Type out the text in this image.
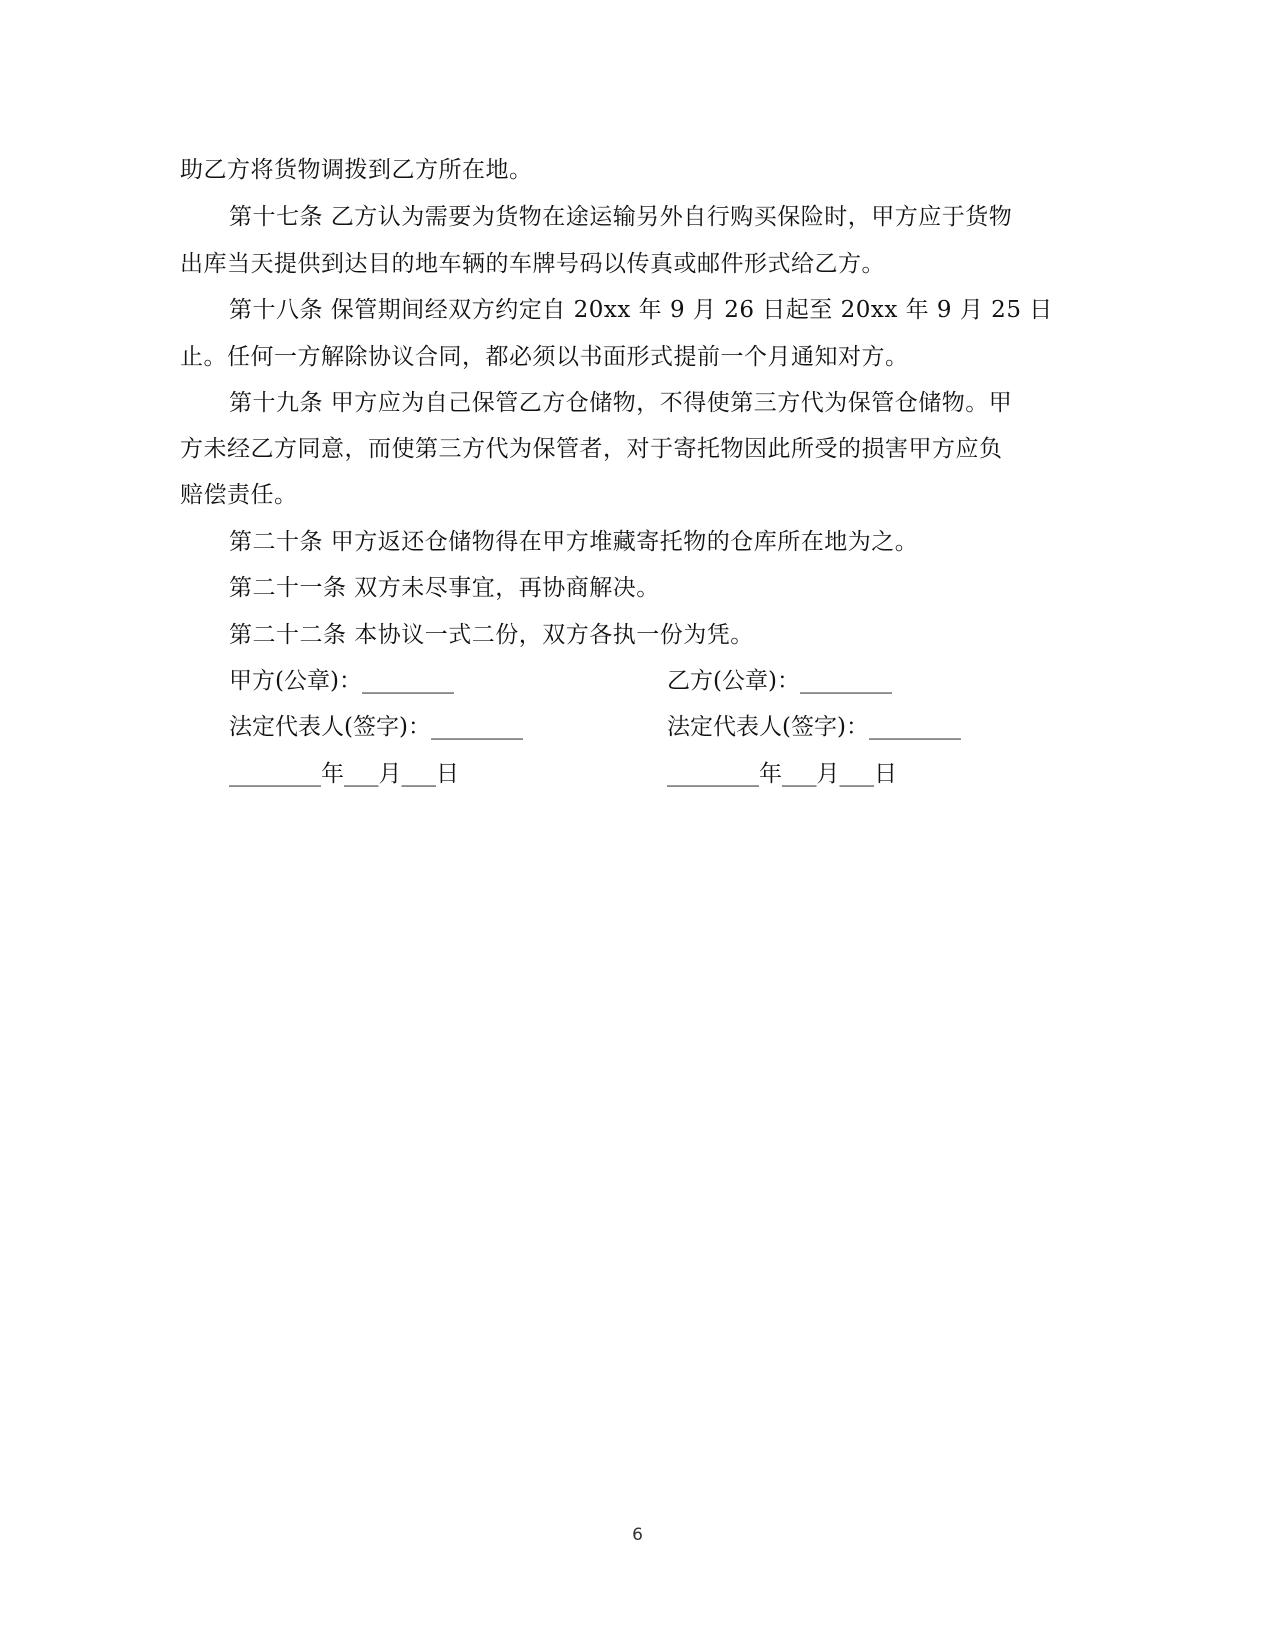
助乙方将货物调拨到乙方所在地。
第十七条 乙方认为需要为货物在途运输另外自行购买保险时，甲方应于货物
出库当天提供到达目的地车辆的车牌号码以传真或邮件形式给乙方。
第十八条 保管期间经双方约定自 20xx 年 9 月 26 日起至 20xx 年 9 月 25 日
止。任何一方解除协议合同，都必须以书面形式提前一个月通知对方。
第十九条 甲方应为自己保管乙方仓储物，不得使第三方代为保管仓储物。甲
方未经乙方同意，而使第三方代为保管者，对于寄托物因此所受的损害甲方应负
赔偿责任。
第二十条 甲方返还仓储物得在甲方堆藏寄托物的仓库所在地为之。
第二十一条 双方未尽事宜，再协商解决。
第二十二条 本协议一式二份，双方各执一份为凭。
甲方(公章)：________	乙方(公章)：________
法定代表人(签字)：________	法定代表人(签字)：________
________年___月___日	________年___月___日
6
